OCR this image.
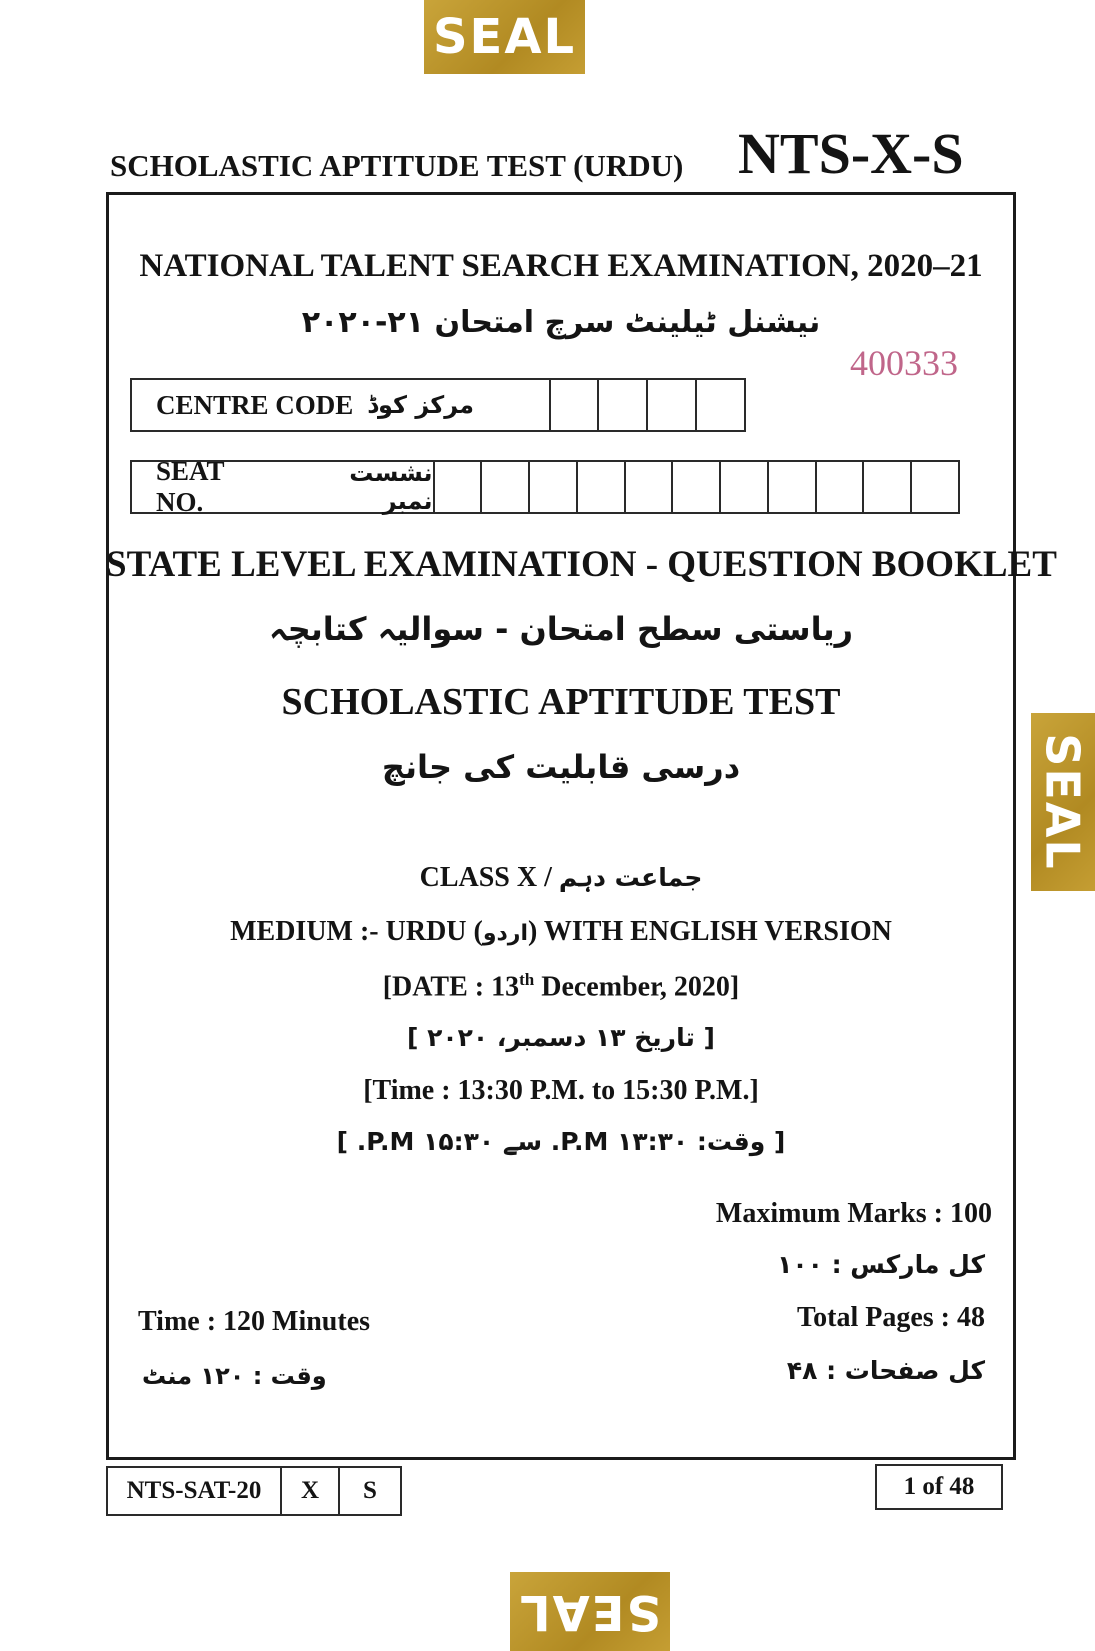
SEAL
SEAL
SEAL
SCHOLASTIC APTITUDE TEST (URDU) NTS-X-S
NATIONAL TALENT SEARCH EXAMINATION, 2020–21
نیشنل ٹیلینٹ سرچ امتحان ۲۱-۲۰۲۰
400333
CENTRE CODE مرکز کوڈ
SEAT NO.
نشست نمبر
STATE LEVEL EXAMINATION - QUESTION BOOKLET
ریاستی سطح امتحان - سوالیہ کتابچہ
SCHOLASTIC APTITUDE TEST
درسی قابلیت کی جانچ
CLASS X / جماعت دہم
MEDIUM :- URDU (اردو) WITH ENGLISH VERSION
[DATE : 13th December, 2020]
[ تاریخ ۱۳ دسمبر، ۲۰۲۰ ]
[Time : 13:30 P.M. to 15:30 P.M.]
[ وقت: ۱۳:۳۰ P.M. سے ۱۵:۳۰ P.M. ]
Maximum Marks : 100
کل مارکس : ۱۰۰
Time : 120 Minutes
وقت : ۱۲۰ منٹ
Total Pages : 48
کل صفحات : ۴۸
NTS-SAT-20	X	S	1 of 48
